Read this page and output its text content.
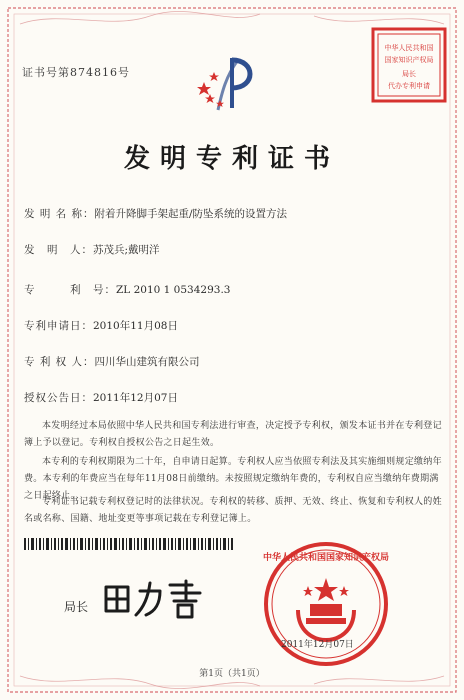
证书号第874816号
中华人民共和国
国家知识产权局
局长
代办专利申请
发明专利证书
发 明 名 称：附着升降脚手架起重/防坠系统的设置方法
发　明　人：苏茂兵;戴明洋
专　　　利　号：ZL 2010 1 0534293.3
专利申请日：2010年11月08日
专 利 权 人：四川华山建筑有限公司
授权公告日：2011年12月07日
本发明经过本局依照中华人民共和国专利法进行审查，决定授予专利权，颁发本证书并在专利登记簿上予以登记。专利权自授权公告之日起生效。
本专利的专利权期限为二十年，自申请日起算。专利权人应当依照专利法及其实施细则规定缴纳年费。本专利的年费应当在每年11月08日前缴纳。未按照规定缴纳年费的，专利权自应当缴纳年费期满之日起终止。
专利证书记载专利权登记时的法律状况。专利权的转移、质押、无效、终止、恢复和专利权人的姓名或名称、国籍、地址变更等事项记载在专利登记簿上。
局长
中华人民共和国国家知识产权局
2011年12月07日
第1页（共1页）
